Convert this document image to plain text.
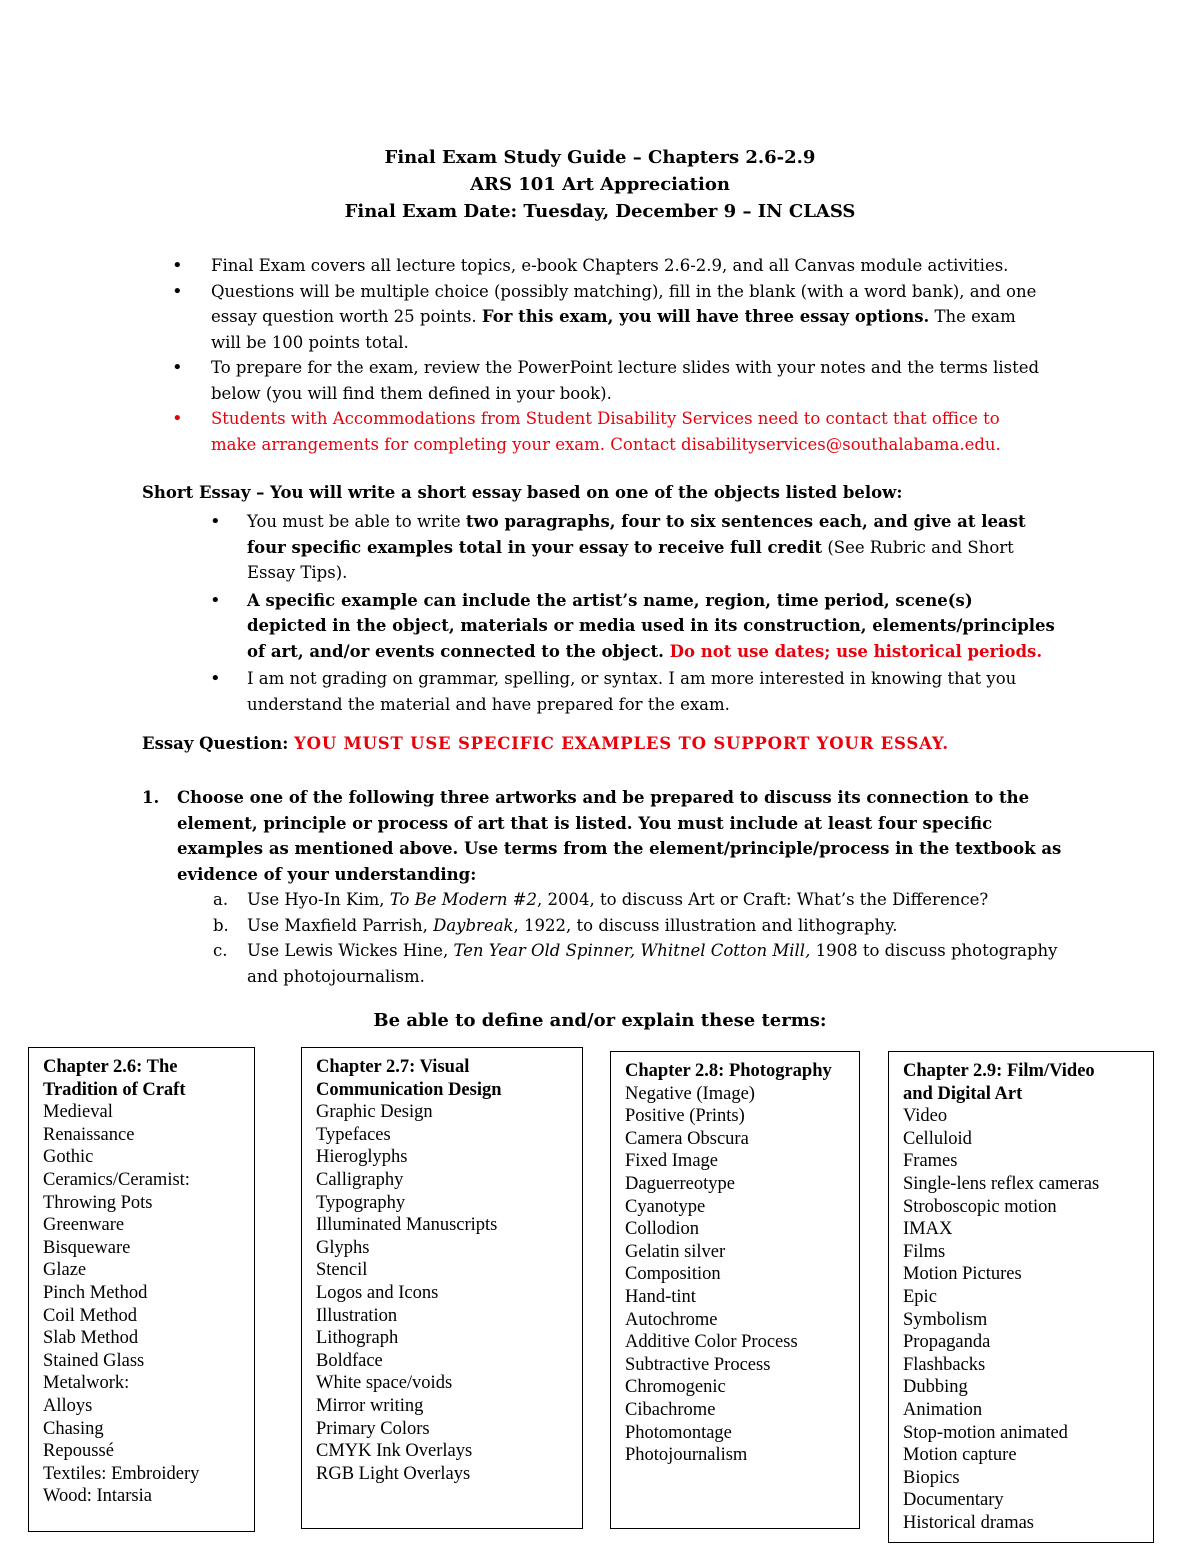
Final Exam Study Guide – Chapters 2.6-2.9
ARS 101 Art Appreciation
Final Exam Date: Tuesday, December 9 – IN CLASS
• Final Exam covers all lecture topics, e-book Chapters 2.6-2.9, and all Canvas module activities.
• Questions will be multiple choice (possibly matching), fill in the blank (with a word bank), and one essay question worth 25 points. For this exam, you will have three essay options. The exam will be 100 points total.
• To prepare for the exam, review the PowerPoint lecture slides with your notes and the terms listed below (you will find them defined in your book).
• Students with Accommodations from Student Disability Services need to contact that office to make arrangements for completing your exam. Contact disabilityservices@southalabama.edu.
Short Essay – You will write a short essay based on one of the objects listed below:
• You must be able to write two paragraphs, four to six sentences each, and give at least four specific examples total in your essay to receive full credit (See Rubric and Short Essay Tips).
• A specific example can include the artist’s name, region, time period, scene(s) depicted in the object, materials or media used in its construction, elements/principles of art, and/or events connected to the object. Do not use dates; use historical periods.
• I am not grading on grammar, spelling, or syntax. I am more interested in knowing that you understand the material and have prepared for the exam.
Essay Question: YOU MUST USE SPECIFIC EXAMPLES TO SUPPORT YOUR ESSAY.
1. Choose one of the following three artworks and be prepared to discuss its connection to the element, principle or process of art that is listed. You must include at least four specific examples as mentioned above. Use terms from the element/principle/process in the textbook as evidence of your understanding:
a. Use Hyo-In Kim, To Be Modern #2, 2004, to discuss Art or Craft: What’s the Difference?
b. Use Maxfield Parrish, Daybreak, 1922, to discuss illustration and lithography.
c. Use Lewis Wickes Hine, Ten Year Old Spinner, Whitnel Cotton Mill, 1908 to discuss photography and photojournalism.
Be able to define and/or explain these terms:
Chapter 2.6: The
Tradition of Craft
Medieval
Renaissance
Gothic
Ceramics/Ceramist:
Throwing Pots
Greenware
Bisqueware
Glaze
Pinch Method
Coil Method
Slab Method
Stained Glass
Metalwork:
Alloys
Chasing
Repoussé
Textiles: Embroidery
Wood: Intarsia
Chapter 2.7: Visual
Communication Design
Graphic Design
Typefaces
Hieroglyphs
Calligraphy
Typography
Illuminated Manuscripts
Glyphs
Stencil
Logos and Icons
Illustration
Lithograph
Boldface
White space/voids
Mirror writing
Primary Colors
CMYK Ink Overlays
RGB Light Overlays
Chapter 2.8: Photography
Negative (Image)
Positive (Prints)
Camera Obscura
Fixed Image
Daguerreotype
Cyanotype
Collodion
Gelatin silver
Composition
Hand-tint
Autochrome
Additive Color Process
Subtractive Process
Chromogenic
Cibachrome
Photomontage
Photojournalism
Chapter 2.9: Film/Video
and Digital Art
Video
Celluloid
Frames
Single-lens reflex cameras
Stroboscopic motion
IMAX
Films
Motion Pictures
Epic
Symbolism
Propaganda
Flashbacks
Dubbing
Animation
Stop-motion animated
Motion capture
Biopics
Documentary
Historical dramas
